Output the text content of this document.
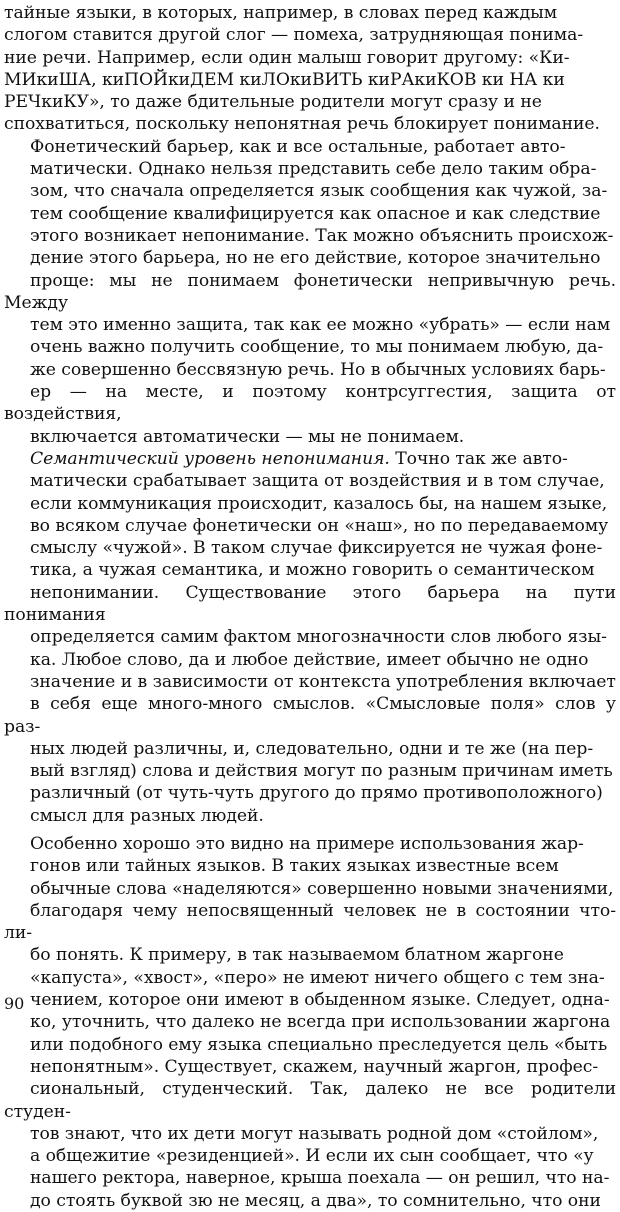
тайные языки, в которых, например, в словах перед каждым
слогом ставится другой слог — помеха, затрудняющая понима-
ние речи. Например, если один малыш говорит другому: «Ки-
МИкиША, киПОЙкиДЕМ киЛОкиВИТЬ киРАкиКОВ ки НА ки
РЕЧкиКУ», то даже бдительные родители могут сразу и не
спохватиться, поскольку непонятная речь блокирует понимание.

Фонетический барьер, как и все остальные, работает авто-
матически. Однако нельзя представить себе дело таким обра-
зом, что сначала определяется язык сообщения как чужой, за-
тем сообщение квалифицируется как опасное и как следствие
этого возникает непонимание. Так можно объяснить происхож-
дение этого барьера, но не его действие, которое значительно
проще: мы не понимаем фонетически непривычную речь. Между
тем это именно защита, так как ее можно «убрать» — если нам
очень важно получить сообщение, то мы понимаем любую, да-
же совершенно бессвязную речь. Но в обычных условиях барь-
ер — на месте, и поэтому контрсуггестия, защита от воздействия,
включается автоматически — мы не понимаем.

Семантический уровень непонимания. Точно так же авто-
матически срабатывает защита от воздействия и в том случае,
если коммуникация происходит, казалось бы, на нашем языке,
во всяком случае фонетически он «наш», но по передаваемому
смыслу «чужой». В таком случае фиксируется не чужая фоне-
тика, а чужая семантика, и можно говорить о семантическом
непонимании. Существование этого барьера на пути понимания
определяется самим фактом многозначности слов любого язы-
ка. Любое слово, да и любое действие, имеет обычно не одно
значение и в зависимости от контекста употребления включает
в себя еще много-много смыслов. «Смысловые поля» слов у раз-
ных людей различны, и, следовательно, одни и те же (на пер-
вый взгляд) слова и действия могут по разным причинам иметь
различный (от чуть-чуть другого до прямо противоположного)
смысл для разных людей.

Особенно хорошо это видно на примере использования жар-
гонов или тайных языков. В таких языках известные всем
обычные слова «наделяются» совершенно новыми значениями,
благодаря чему непосвященный человек не в состоянии что-ли-
бо понять. К примеру, в так называемом блатном жаргоне
«капуста», «хвост», «перо» не имеют ничего общего с тем зна-
чением, которое они имеют в обыденном языке. Следует, одна-
ко, уточнить, что далеко не всегда при использовании жаргона
или подобного ему языка специально преследуется цель «быть
непонятным». Существует, скажем, научный жаргон, профес-
сиональный, студенческий. Так, далеко не все родители студен-
тов знают, что их дети могут называть родной дом «стойлом»,
а общежитие «резиденцией». И если их сын сообщает, что «у
нашего ректора, наверное, крыша поехала — он решил, что на-
до стоять буквой зю не месяц, а два», то сомнительно, что они

90
